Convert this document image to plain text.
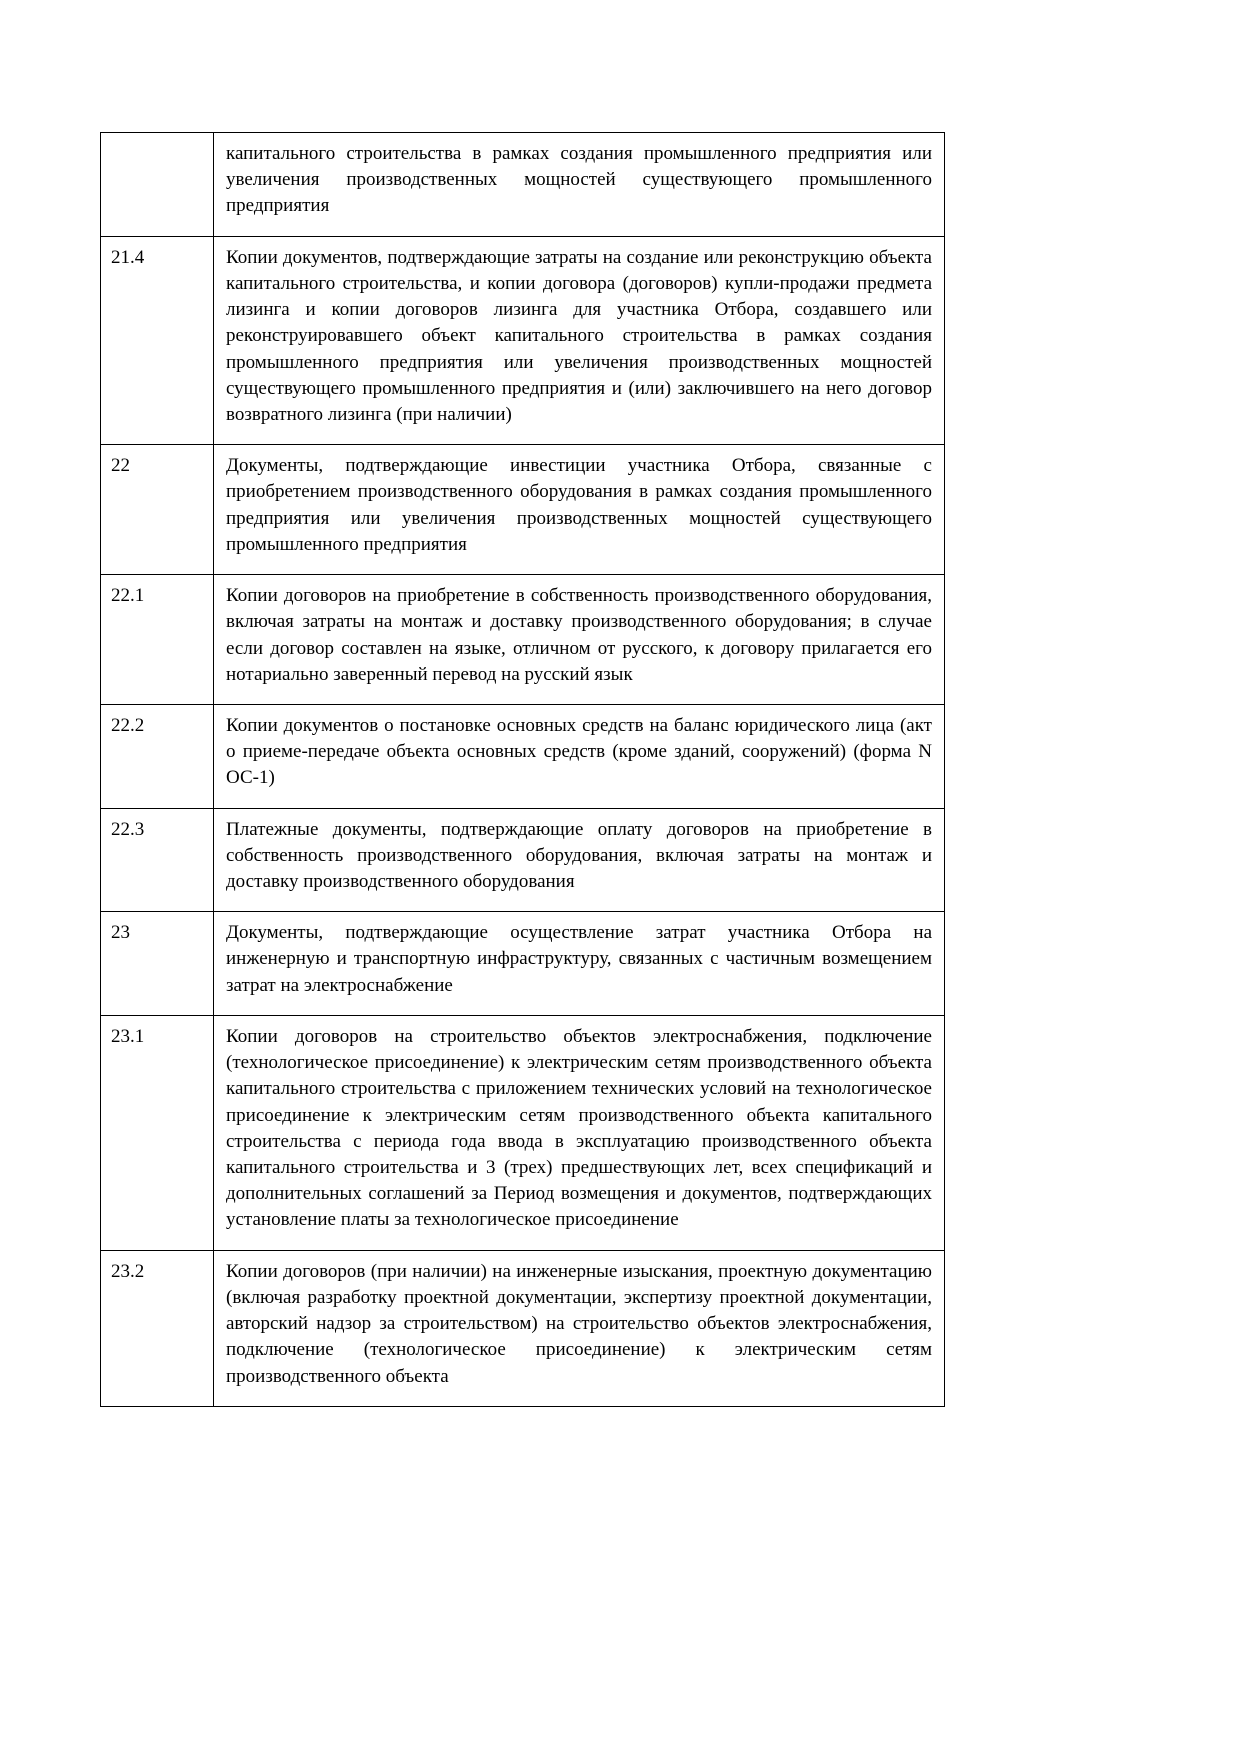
	капитального строительства в рамках создания промышленного предприятия или увеличения производственных мощностей существующего промышленного предприятия
21.4	Копии документов, подтверждающие затраты на создание или реконструкцию объекта капитального строительства, и копии договора (договоров) купли-продажи предмета лизинга и копии договоров лизинга для участника Отбора, создавшего или реконструировавшего объект капитального строительства в рамках создания промышленного предприятия или увеличения производственных мощностей существующего промышленного предприятия и (или) заключившего на него договор возвратного лизинга (при наличии)
22	Документы, подтверждающие инвестиции участника Отбора, связанные с приобретением производственного оборудования в рамках создания промышленного предприятия или увеличения производственных мощностей существующего промышленного предприятия
22.1	Копии договоров на приобретение в собственность производственного оборудования, включая затраты на монтаж и доставку производственного оборудования; в случае если договор составлен на языке, отличном от русского, к договору прилагается его нотариально заверенный перевод на русский язык
22.2	Копии документов о постановке основных средств на баланс юридического лица (акт о приеме-передаче объекта основных средств (кроме зданий, сооружений) (форма N ОС-1)
22.3	Платежные документы, подтверждающие оплату договоров на приобретение в собственность производственного оборудования, включая затраты на монтаж и доставку производственного оборудования
23	Документы, подтверждающие осуществление затрат участника Отбора на инженерную и транспортную инфраструктуру, связанных с частичным возмещением затрат на электроснабжение
23.1	Копии договоров на строительство объектов электроснабжения, подключение (технологическое присоединение) к электрическим сетям производственного объекта капитального строительства с приложением технических условий на технологическое присоединение к электрическим сетям производственного объекта капитального строительства с периода года ввода в эксплуатацию производственного объекта капитального строительства и 3 (трех) предшествующих лет, всех спецификаций и дополнительных соглашений за Период возмещения и документов, подтверждающих установление платы за технологическое присоединение
23.2	Копии договоров (при наличии) на инженерные изыскания, проектную документацию (включая разработку проектной документации, экспертизу проектной документации, авторский надзор за строительством) на строительство объектов электроснабжения, подключение (технологическое присоединение) к электрическим сетям производственного объекта
